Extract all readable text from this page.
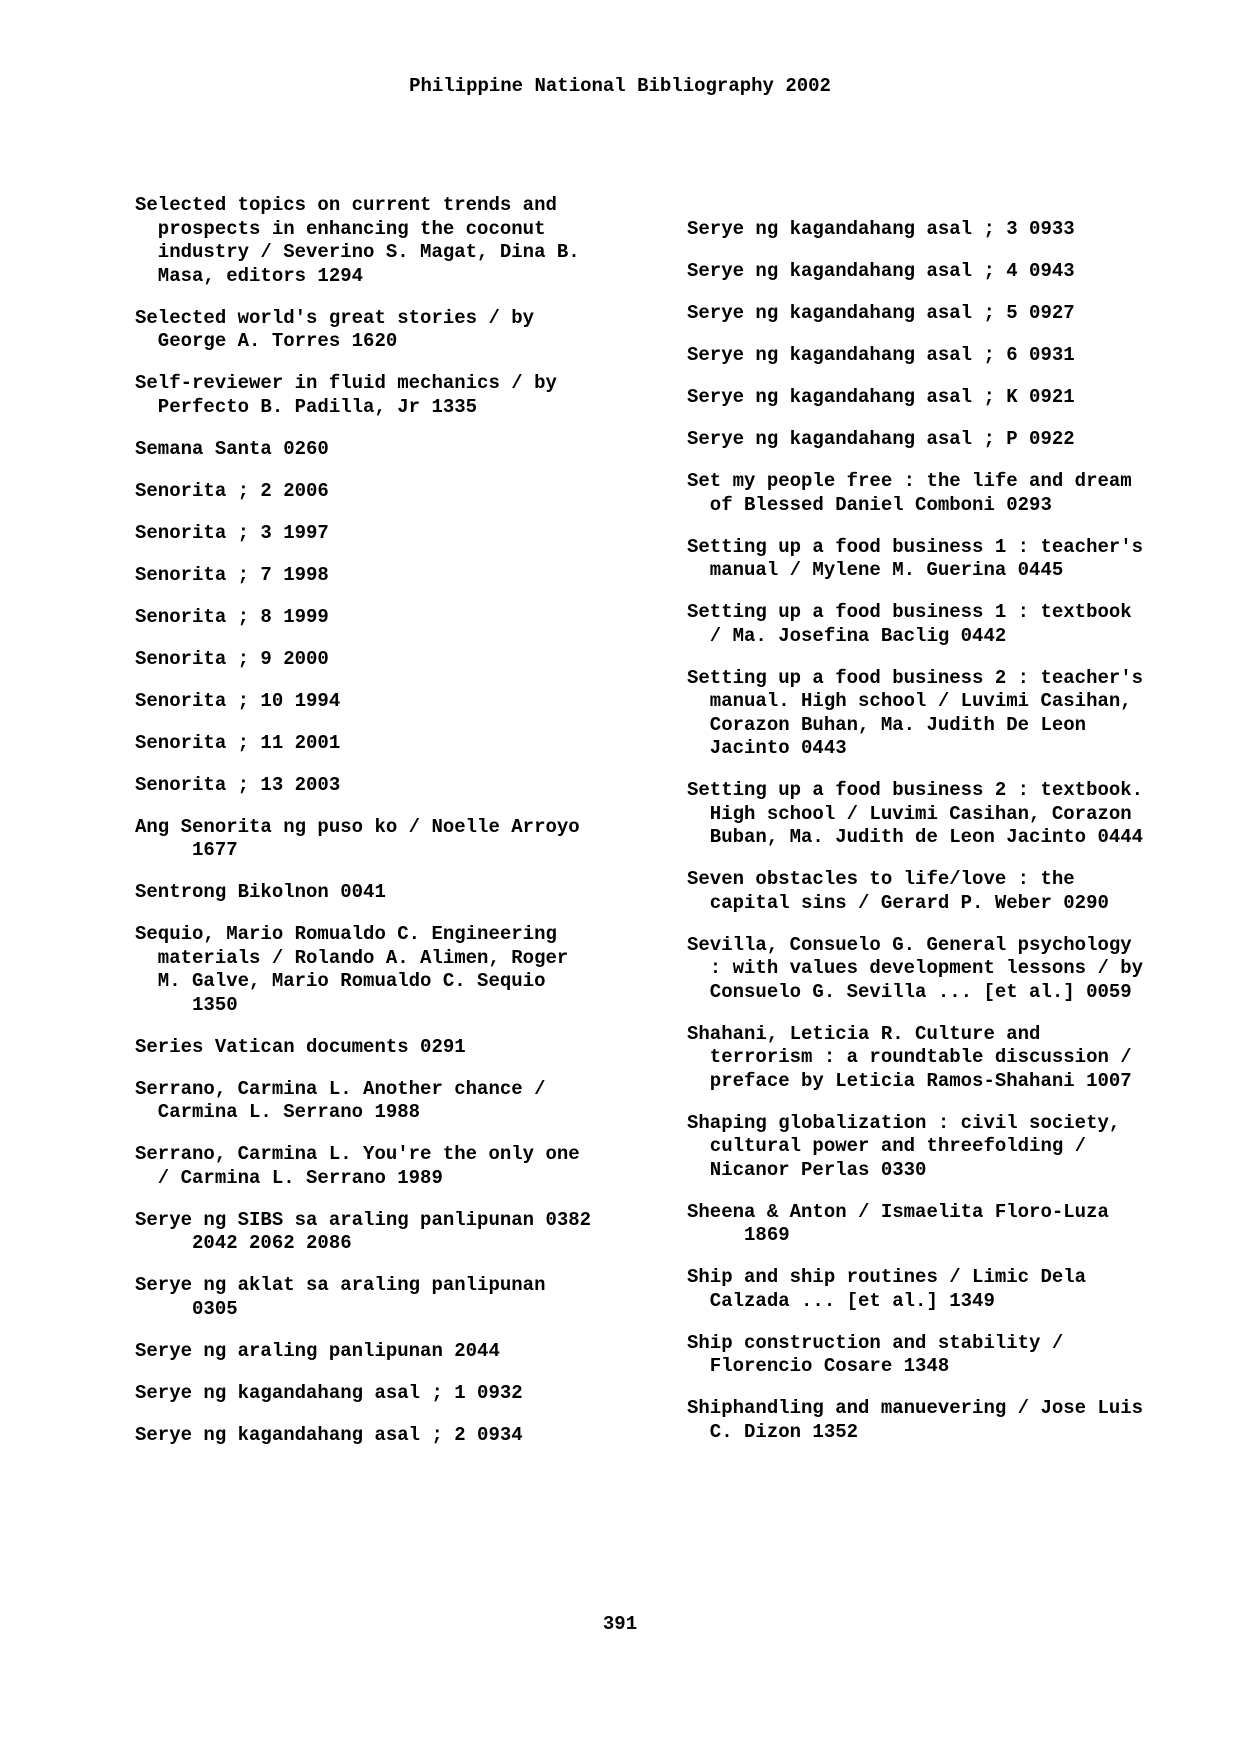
Philippine National Bibliography 2002
Selected topics on current trends and
prospects in enhancing the coconut
industry / Severino S. Magat, Dina B.
Masa, editors 1294
Selected world's great stories / by
George A. Torres 1620
Self-reviewer in fluid mechanics / by
Perfecto B. Padilla, Jr 1335
Semana Santa 0260
Senorita ; 2 2006
Senorita ; 3 1997
Senorita ; 7 1998
Senorita ; 8 1999
Senorita ; 9 2000
Senorita ; 10 1994
Senorita ; 11 2001
Senorita ; 13 2003
Ang Senorita ng puso ko / Noelle Arroyo
1677
Sentrong Bikolnon 0041
Sequio, Mario Romualdo C. Engineering
materials / Rolando A. Alimen, Roger
M. Galve, Mario Romualdo C. Sequio
1350
Series Vatican documents 0291
Serrano, Carmina L. Another chance /
Carmina L. Serrano 1988
Serrano, Carmina L. You're the only one
/ Carmina L. Serrano 1989
Serye ng SIBS sa araling panlipunan 0382
2042 2062 2086
Serye ng aklat sa araling panlipunan
0305
Serye ng araling panlipunan 2044
Serye ng kagandahang asal ; 1 0932
Serye ng kagandahang asal ; 2 0934
Serye ng kagandahang asal ; 3 0933
Serye ng kagandahang asal ; 4 0943
Serye ng kagandahang asal ; 5 0927
Serye ng kagandahang asal ; 6 0931
Serye ng kagandahang asal ; K 0921
Serye ng kagandahang asal ; P 0922
Set my people free : the life and dream
of Blessed Daniel Comboni 0293
Setting up a food business 1 : teacher's
manual / Mylene M. Guerina 0445
Setting up a food business 1 : textbook
/ Ma. Josefina Baclig 0442
Setting up a food business 2 : teacher's
manual. High school / Luvimi Casihan,
Corazon Buhan, Ma. Judith De Leon
Jacinto 0443
Setting up a food business 2 : textbook.
High school / Luvimi Casihan, Corazon
Buban, Ma. Judith de Leon Jacinto 0444
Seven obstacles to life/love : the
capital sins / Gerard P. Weber 0290
Sevilla, Consuelo G. General psychology
: with values development lessons / by
Consuelo G. Sevilla ... [et al.] 0059
Shahani, Leticia R. Culture and
terrorism : a roundtable discussion /
preface by Leticia Ramos-Shahani 1007
Shaping globalization : civil society,
cultural power and threefolding /
Nicanor Perlas 0330
Sheena & Anton / Ismaelita Floro-Luza
1869
Ship and ship routines / Limic Dela
Calzada ... [et al.] 1349
Ship construction and stability /
Florencio Cosare 1348
Shiphandling and manuevering / Jose Luis
C. Dizon 1352
391
